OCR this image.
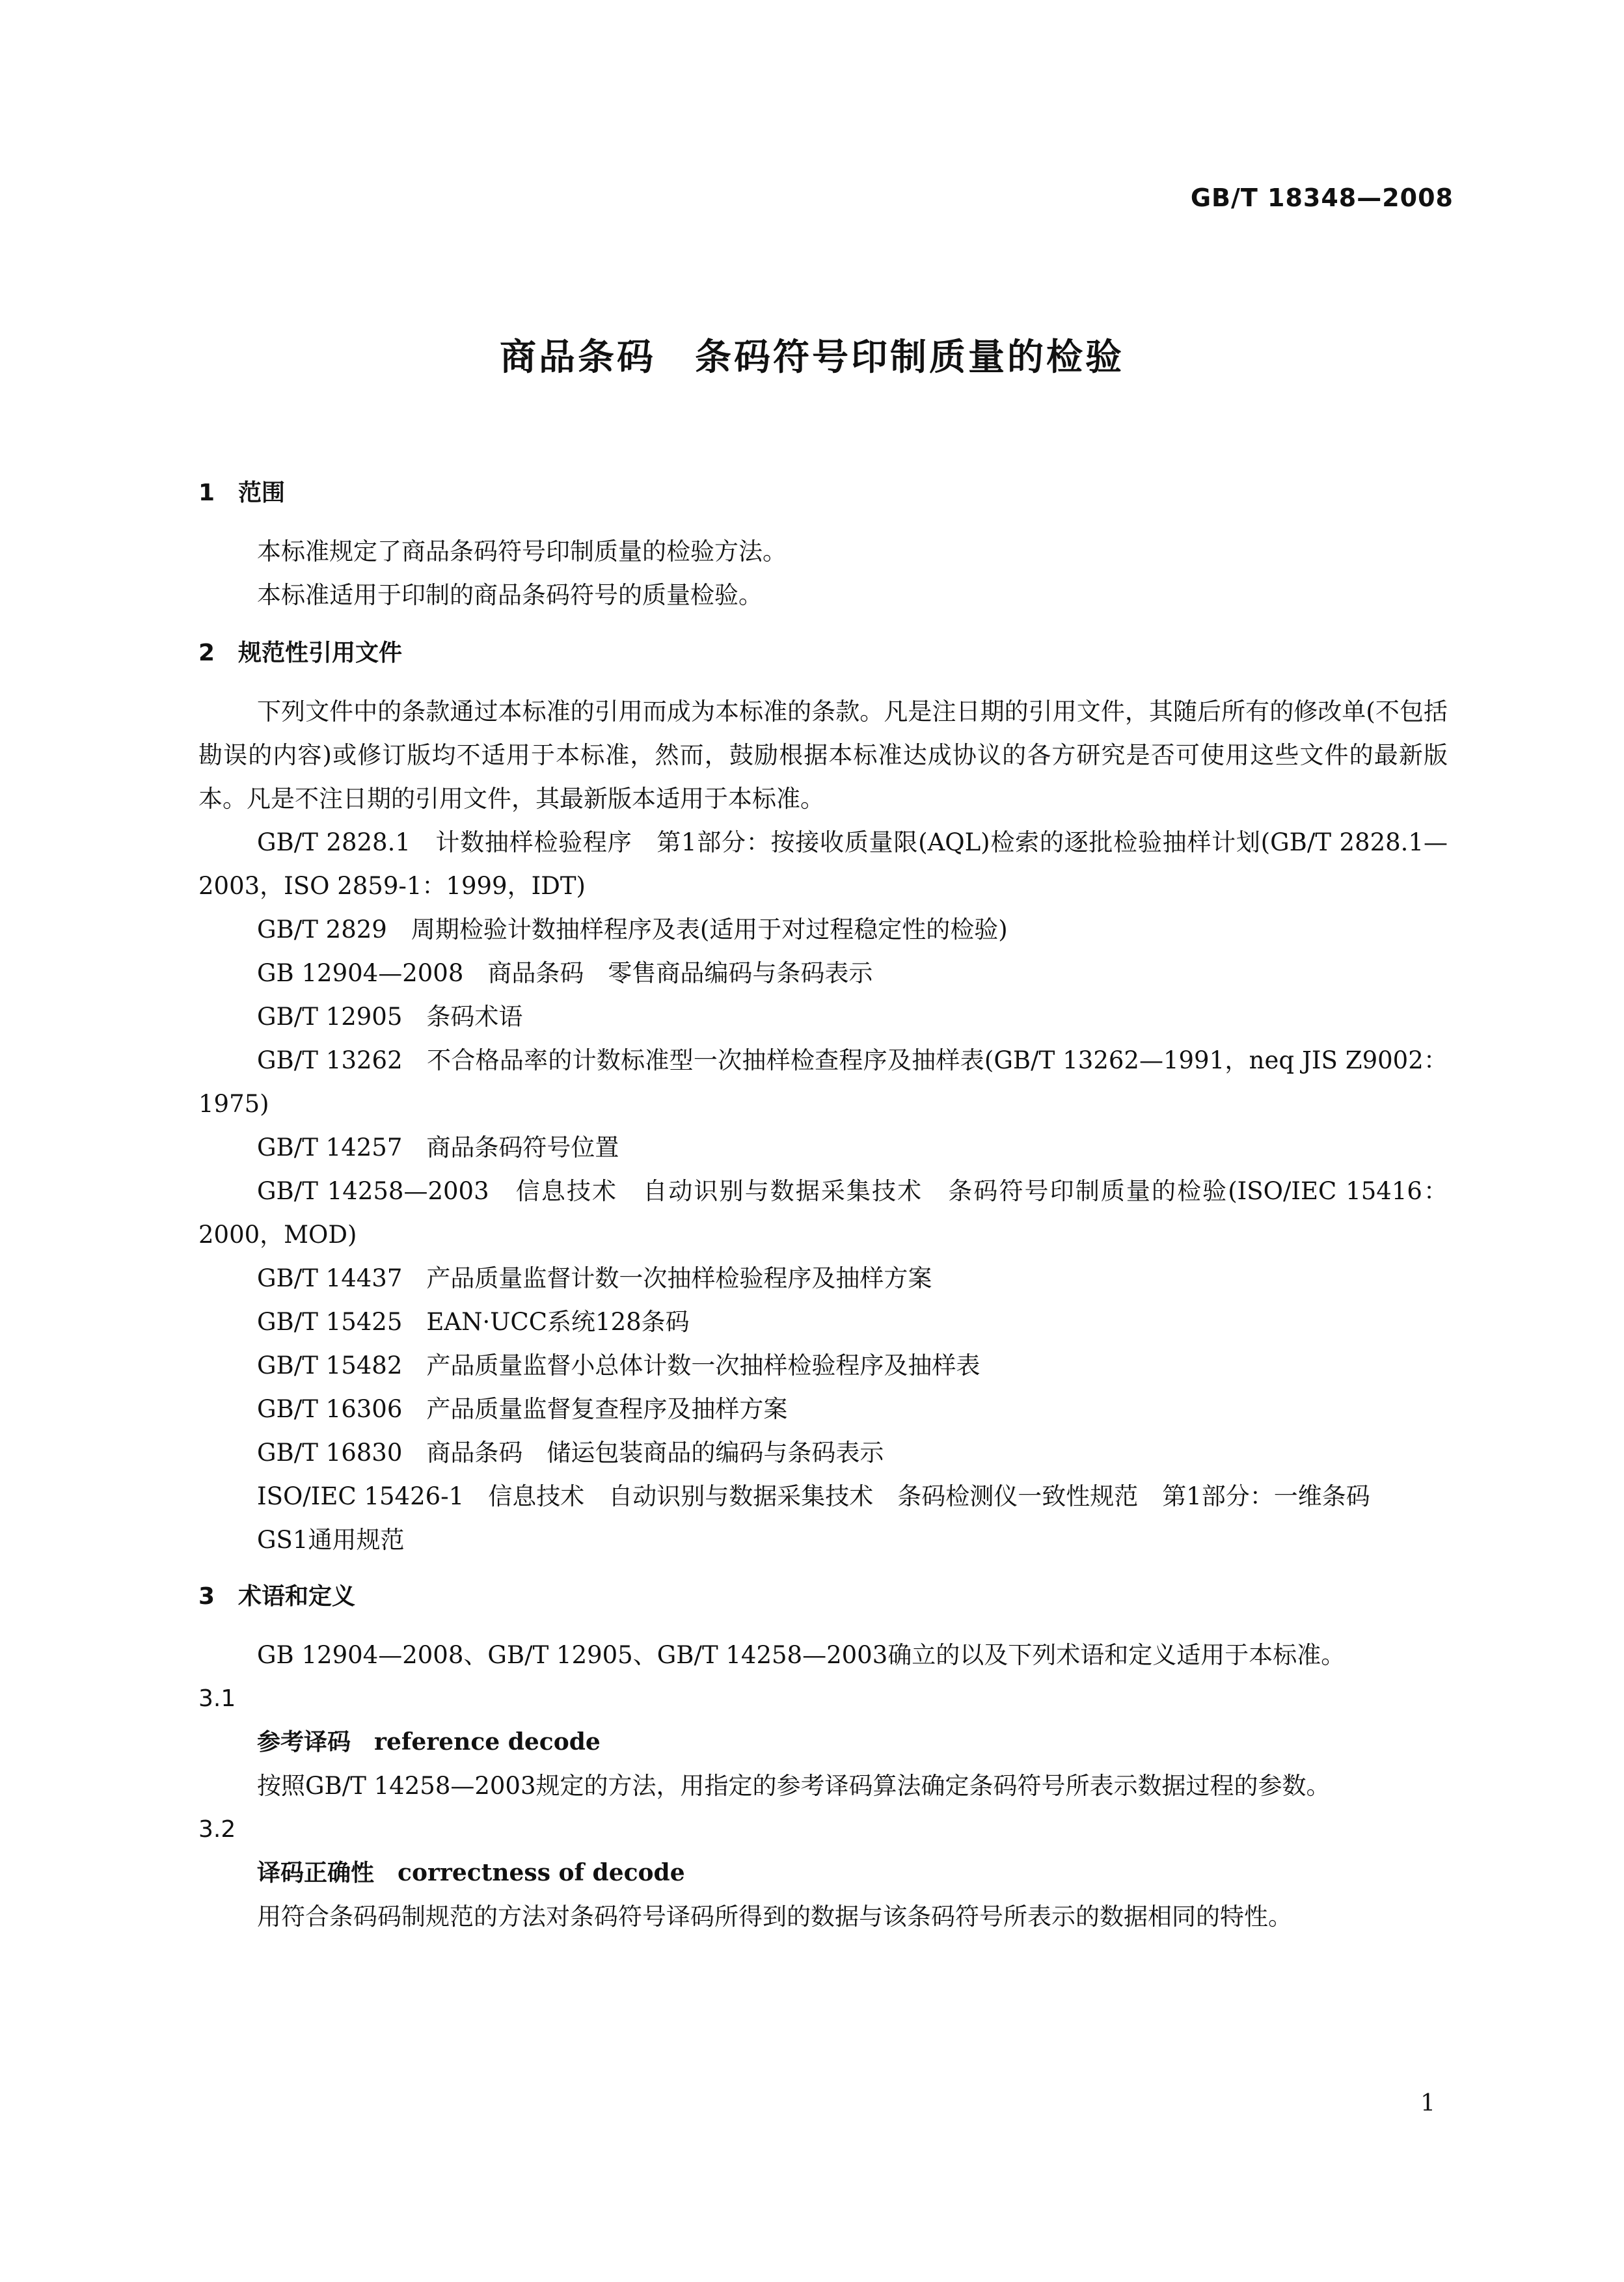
GB/T 18348—2008
商品条码　条码符号印制质量的检验
1　范围

本标准规定了商品条码符号印制质量的检验方法。

本标准适用于印制的商品条码符号的质量检验。

2　规范性引用文件

下列文件中的条款通过本标准的引用而成为本标准的条款。凡是注日期的引用文件，其随后所有的修改单(不包括勘误的内容)或修订版均不适用于本标准，然而，鼓励根据本标准达成协议的各方研究是否可使用这些文件的最新版本。凡是不注日期的引用文件，其最新版本适用于本标准。

GB/T 2828.1　 计数抽样检验程序　第1部分：按接收质量限(AQL)检索的逐批检验抽样计划(GB/T 2828.1—2003，ISO 2859-1：1999，IDT)

GB/T 2829　 周期检验计数抽样程序及表(适用于对过程稳定性的检验)

GB 12904—2008　 商品条码　零售商品编码与条码表示

GB/T 12905　 条码术语

GB/T 13262　 不合格品率的计数标准型一次抽样检查程序及抽样表(GB/T 13262—1991，neq JIS Z9002：1975)

GB/T 14257　 商品条码符号位置

GB/T 14258—2003　 信息技术　自动识别与数据采集技术　条码符号印制质量的检验(ISO/IEC 15416：2000，MOD)

GB/T 14437　 产品质量监督计数一次抽样检验程序及抽样方案

GB/T 15425　 EAN·UCC系统128条码

GB/T 15482　 产品质量监督小总体计数一次抽样检验程序及抽样表

GB/T 16306　 产品质量监督复查程序及抽样方案

GB/T 16830　 商品条码　储运包装商品的编码与条码表示

ISO/IEC 15426-1　 信息技术　自动识别与数据采集技术　条码检测仪一致性规范　第1部分：一维条码

GS1通用规范

3　术语和定义

GB 12904—2008、GB/T 12905、GB/T 14258—2003确立的以及下列术语和定义适用于本标准。

3.1

参考译码　 reference decode

按照GB/T 14258—2003规定的方法，用指定的参考译码算法确定条码符号所表示数据过程的参数。

3.2

译码正确性　 correctness of decode

用符合条码码制规范的方法对条码符号译码所得到的数据与该条码符号所表示的数据相同的特性。

1
